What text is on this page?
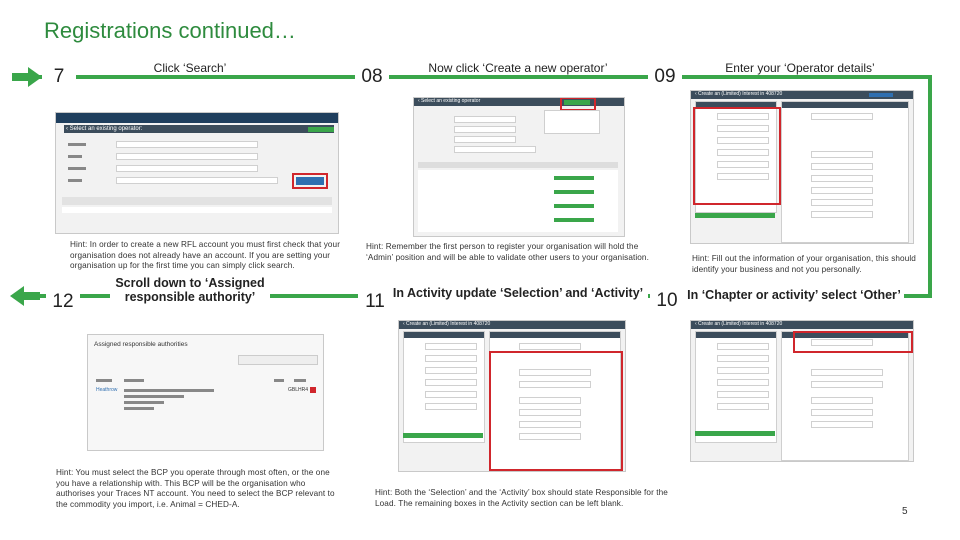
Registrations continued…
7	08	09
12	11	10
Click ‘Search’	Now click ‘Create a new operator’	Enter your ‘Operator details’
Scroll down to ‘Assigned responsible authority’	In Activity update ‘Selection’ and ‘Activity’	In ‘Chapter or activity’ select ‘Other’
‹ Select an existing operator:
‹ Select an existing operator
‹ Create an (Limited) Interest in 408720
Assigned responsible authorities
Heathrow	GBLHR4
‹ Create an (Limited) Interest in 408720	‹ Create an (Limited) Interest in 408720
Hint: In order to create a new RFL account you must first check that your organisation does not already have an account. If you are setting your organisation up for the first time you can simply click search.
Hint: Remember the first person to register your organisation will hold the ‘Admin’ position and will be able to validate other users to your organisation.	Hint: Fill out the information of your organisation, this should identify your business and not you personally.
Hint: You must select the BCP you operate through most often, or the one you have a relationship with. This BCP will be the organisation who authorises your Traces NT account. You need to select the BCP relevant to the commodity you import, i.e. Animal = CHED-A.
Hint: Both the ‘Selection’ and the ‘Activity’ box should state Responsible for the Load. The remaining boxes in the Activity section can be left blank.
5
